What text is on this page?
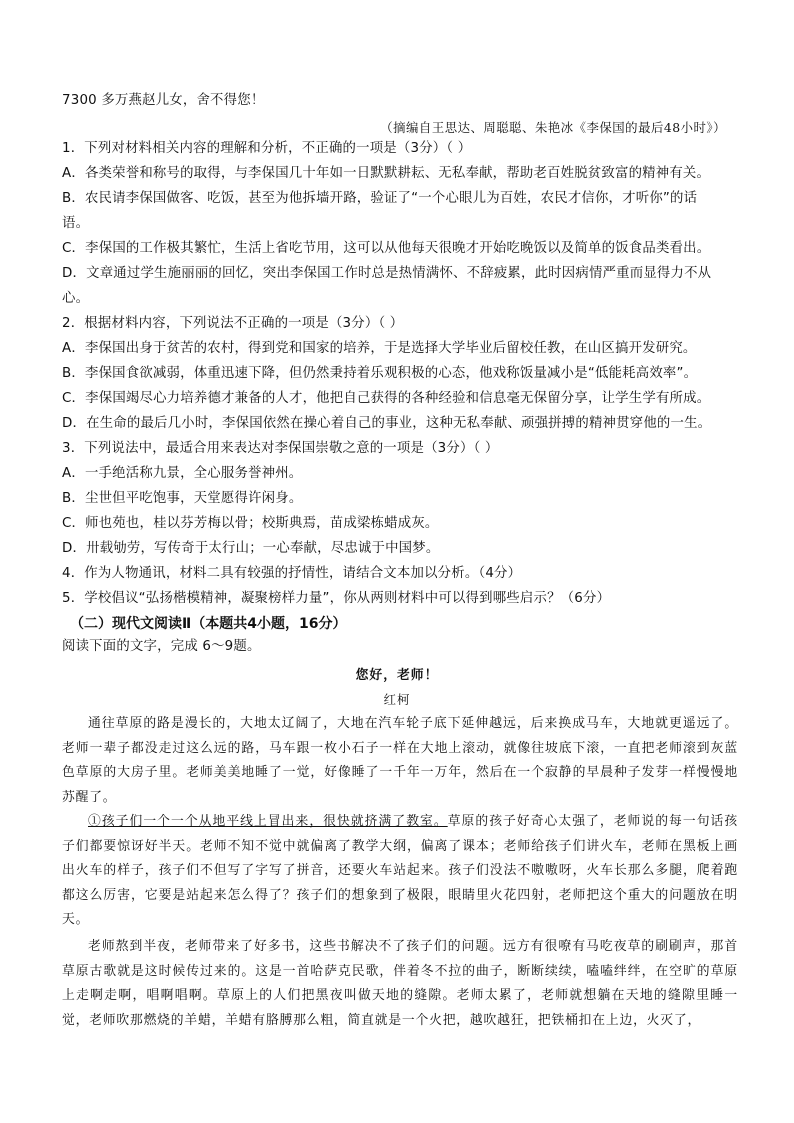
7300 多万燕赵儿女，舍不得您！
（摘编自王思达、周聪聪、朱艳冰《李保国的最后48小时》）
1．下列对材料相关内容的理解和分析，不正确的一项是（3分）（ ）
A．各类荣誉和称号的取得，与李保国几十年如一日默默耕耘、无私奉献，帮助老百姓脱贫致富的精神有关。
B．农民请李保国做客、吃饭，甚至为他拆墙开路，验证了“一个心眼儿为百姓，农民才信你，才听你”的话
语。
C．李保国的工作极其繁忙，生活上省吃节用，这可以从他每天很晚才开始吃晚饭以及简单的饭食品类看出。
D．文章通过学生施丽丽的回忆，突出李保国工作时总是热情满怀、不辞疲累，此时因病情严重而显得力不从
心。
2．根据材料内容，下列说法不正确的一项是（3分）（ ）
A．李保国出身于贫苦的农村，得到党和国家的培养，于是选择大学毕业后留校任教，在山区搞开发研究。
B．李保国食欲减弱，体重迅速下降，但仍然秉持着乐观积极的心态，他戏称饭量减小是“低能耗高效率”。
C．李保国竭尽心力培养德才兼备的人才，他把自己获得的各种经验和信息毫无保留分享，让学生学有所成。
D．在生命的最后几小时，李保国依然在操心着自己的事业，这种无私奉献、顽强拼搏的精神贯穿他的一生。
3．下列说法中，最适合用来表达对李保国崇敬之意的一项是（3分）（ ）
A．一手绝活称九景，全心服务誉神州。
B．尘世但平吃饱事，天堂愿得许闲身。
C．师也苑也，桂以芬芳梅以骨；校斯典焉，苗成梁栋蜡成灰。
D．卅载劬劳，写传奇于太行山；一心奉献，尽忠诚于中国梦。
4．作为人物通讯，材料二具有较强的抒情性，请结合文本加以分析。（4分）
5．学校倡议“弘扬楷模精神，凝聚榜样力量”，你从两则材料中可以得到哪些启示？（6分）
（二）现代文阅读Ⅱ（本题共4小题，16分）
阅读下面的文字，完成 6～9题。
您好，老师！
红柯
通往草原的路是漫长的，大地太辽阔了，大地在汽车轮子底下延伸越远，后来换成马车，大地就更遥远了。老师一辈子都没走过这么远的路，马车跟一枚小石子一样在大地上滚动，就像往坡底下滚，一直把老师滚到灰蓝色草原的大房子里。老师美美地睡了一觉，好像睡了一千年一万年，然后在一个寂静的早晨种子发芽一样慢慢地苏醒了。
①孩子们一个一个从地平线上冒出来，很快就挤满了教室。草原的孩子好奇心太强了，老师说的每一句话孩子们都要惊讶好半天。老师不知不觉中就偏离了教学大纲，偏离了课本；老师给孩子们讲火车，老师在黑板上画出火车的样子，孩子们不但写了字写了拼音，还要火车站起来。孩子们没法不嗷嗷呀，火车长那么多腿，爬着跑都这么厉害，它要是站起来怎么得了？孩子们的想象到了极限，眼睛里火花四射，老师把这个重大的问题放在明天。
老师熬到半夜，老师带来了好多书，这些书解决不了孩子们的问题。远方有很嘹有马吃夜草的刷刷声，那首草原古歌就是这时候传过来的。这是一首哈萨克民歌，伴着冬不拉的曲子，断断续续，嗑嗑绊绊，在空旷的草原上走啊走啊，唱啊唱啊。草原上的人们把黑夜叫做天地的缝隙。老师太累了，老师就想躺在天地的缝隙里睡一觉，老师吹那燃烧的羊蜡，羊蜡有胳膊那么粗，简直就是一个火把，越吹越狂，把铁桶扣在上边，火灭了，
